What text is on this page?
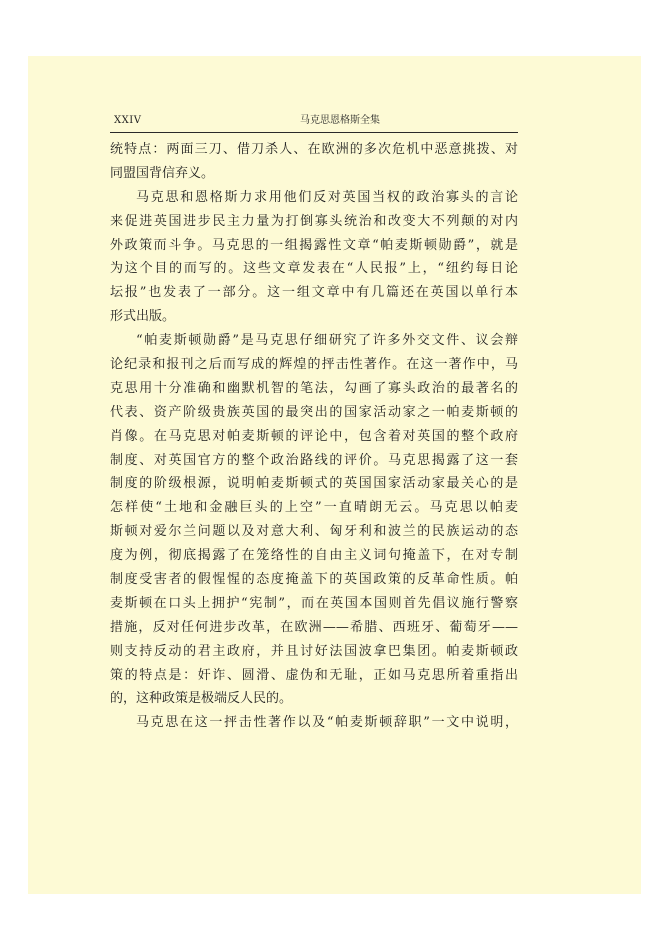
XXIV	马克思恩格斯全集
统特点：两面三刀、借刀杀人、在欧洲的多次危机中恶意挑拨、对
同盟国背信弃义。
马克思和恩格斯力求用他们反对英国当权的政治寡头的言论
来促进英国进步民主力量为打倒寡头统治和改变大不列颠的对内
外政策而斗争。马克思的一组揭露性文章“帕麦斯顿勋爵”，就是
为这个目的而写的。这些文章发表在“人民报”上，“纽约每日论
坛报”也发表了一部分。这一组文章中有几篇还在英国以单行本
形式出版。
“帕麦斯顿勋爵”是马克思仔细研究了许多外交文件、议会辩
论纪录和报刊之后而写成的辉煌的抨击性著作。在这一著作中，马
克思用十分准确和幽默机智的笔法，勾画了寡头政治的最著名的
代表、资产阶级贵族英国的最突出的国家活动家之一帕麦斯顿的
肖像。在马克思对帕麦斯顿的评论中，包含着对英国的整个政府
制度、对英国官方的整个政治路线的评价。马克思揭露了这一套
制度的阶级根源，说明帕麦斯顿式的英国国家活动家最关心的是
怎样使“土地和金融巨头的上空”一直晴朗无云。马克思以帕麦
斯顿对爱尔兰问题以及对意大利、匈牙利和波兰的民族运动的态
度为例，彻底揭露了在笼络性的自由主义词句掩盖下，在对专制
制度受害者的假惺惺的态度掩盖下的英国政策的反革命性质。帕
麦斯顿在口头上拥护“宪制”，而在英国本国则首先倡议施行警察
措施，反对任何进步改革，在欧洲——希腊、西班牙、葡萄牙——
则支持反动的君主政府，并且讨好法国波拿巴集团。帕麦斯顿政
策的特点是：奸诈、圆滑、虚伪和无耻，正如马克思所着重指出
的，这种政策是极端反人民的。
马克思在这一抨击性著作以及“帕麦斯顿辞职”一文中说明，
